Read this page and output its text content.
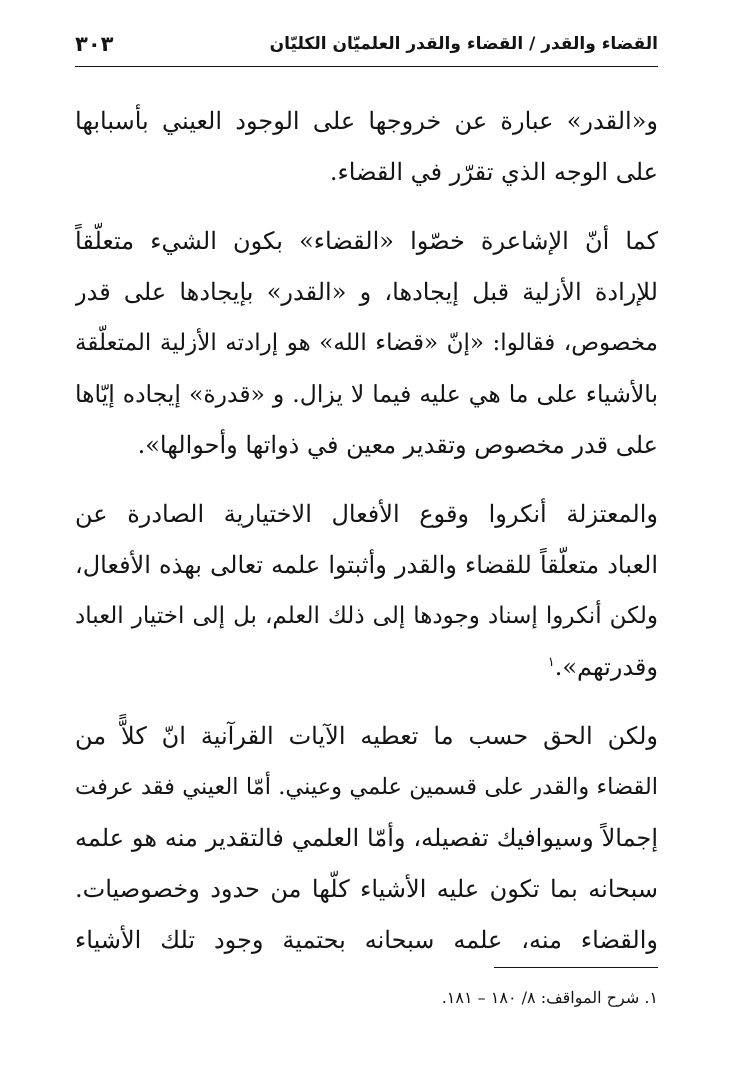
القضاء والقدر / القضاء والقدر العلميّان الكليّان
٣٠٣
و«القدر» عبارة عن خروجها على الوجود العيني بأسبابها
على الوجه الذي تقرّر في القضاء.
كما أنّ الإشاعرة خصّوا «القضاء» بكون الشيء متعلّقاً
للإرادة الأزلية قبل إيجادها، و «القدر» بإيجادها على قدر
مخصوص، فقالوا: «إنّ «قضاء الله» هو إرادته الأزلية المتعلّقة
بالأشياء على ما هي عليه فيما لا يزال. و «قدرة» إيجاده إيّاها
على قدر مخصوص وتقدير معين في ذواتها وأحوالها».
والمعتزلة أنكروا وقوع الأفعال الاختيارية الصادرة عن
العباد متعلّقاً للقضاء والقدر وأثبتوا علمه تعالى بهذه الأفعال،
ولكن أنكروا إسناد وجودها إلى ذلك العلم، بل إلى اختيار العباد
وقدرتهم».$^١$
ولكن الحق حسب ما تعطيه الآيات القرآنية انّ كلاًّ من
القضاء والقدر على قسمين علمي وعيني. أمّا العيني فقد عرفت
إجمالاً وسيوافيك تفصيله، وأمّا العلمي فالتقدير منه هو علمه
سبحانه بما تكون عليه الأشياء كلّها من حدود وخصوصيات.
والقضاء منه، علمه سبحانه بحتمية وجود تلك الأشياء
١. شرح المواقف: ٨/ ١٨٠ – ١٨١.
